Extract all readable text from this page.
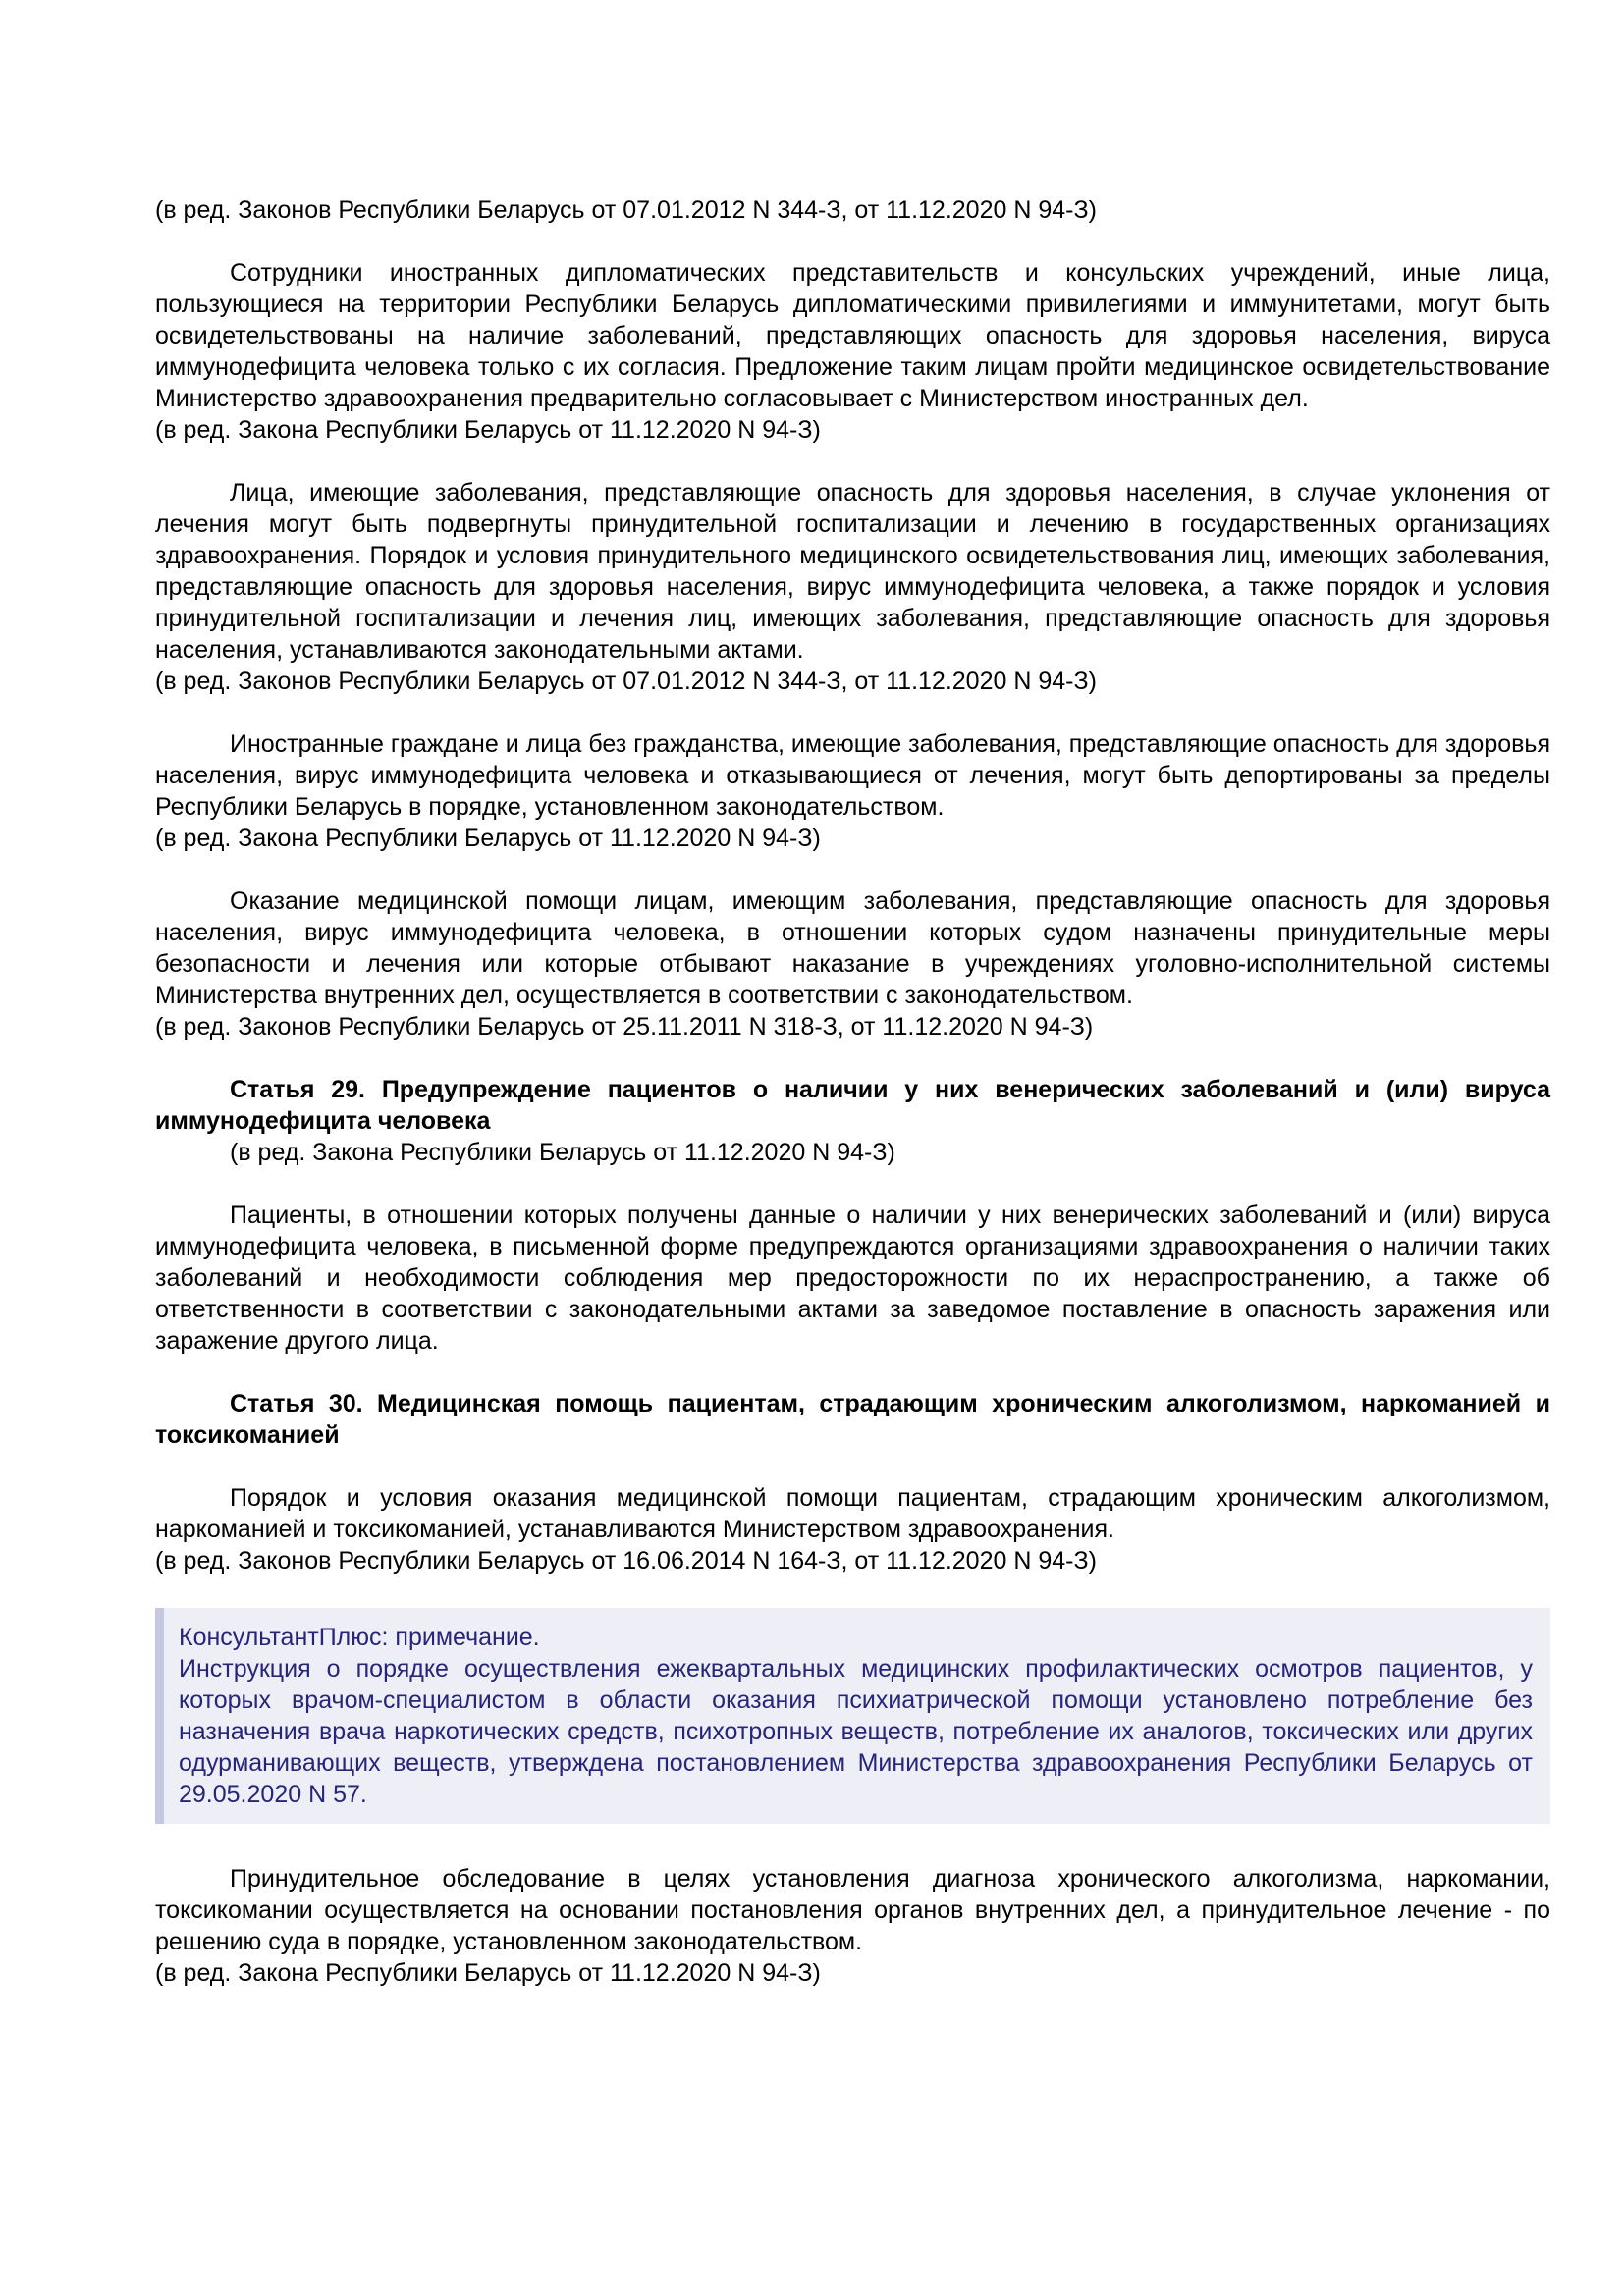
(в ред. Законов Республики Беларусь от 07.01.2012 N 344-З, от 11.12.2020 N 94-З)

Сотрудники иностранных дипломатических представительств и консульских учреждений, иные лица, пользующиеся на территории Республики Беларусь дипломатическими привилегиями и иммунитетами, могут быть освидетельствованы на наличие заболеваний, представляющих опасность для здоровья населения, вируса иммунодефицита человека только с их согласия. Предложение таким лицам пройти медицинское освидетельствование Министерство здравоохранения предварительно согласовывает с Министерством иностранных дел.

(в ред. Закона Республики Беларусь от 11.12.2020 N 94-З)

Лица, имеющие заболевания, представляющие опасность для здоровья населения, в случае уклонения от лечения могут быть подвергнуты принудительной госпитализации и лечению в государственных организациях здравоохранения. Порядок и условия принудительного медицинского освидетельствования лиц, имеющих заболевания, представляющие опасность для здоровья населения, вирус иммунодефицита человека, а также порядок и условия принудительной госпитализации и лечения лиц, имеющих заболевания, представляющие опасность для здоровья населения, устанавливаются законодательными актами.

(в ред. Законов Республики Беларусь от 07.01.2012 N 344-З, от 11.12.2020 N 94-З)

Иностранные граждане и лица без гражданства, имеющие заболевания, представляющие опасность для здоровья населения, вирус иммунодефицита человека и отказывающиеся от лечения, могут быть депортированы за пределы Республики Беларусь в порядке, установленном законодательством.

(в ред. Закона Республики Беларусь от 11.12.2020 N 94-З)

Оказание медицинской помощи лицам, имеющим заболевания, представляющие опасность для здоровья населения, вирус иммунодефицита человека, в отношении которых судом назначены принудительные меры безопасности и лечения или которые отбывают наказание в учреждениях уголовно-исполнительной системы Министерства внутренних дел, осуществляется в соответствии с законодательством.

(в ред. Законов Республики Беларусь от 25.11.2011 N 318-З, от 11.12.2020 N 94-З)

Статья 29. Предупреждение пациентов о наличии у них венерических заболеваний и (или) вируса иммунодефицита человека

(в ред. Закона Республики Беларусь от 11.12.2020 N 94-З)

Пациенты, в отношении которых получены данные о наличии у них венерических заболеваний и (или) вируса иммунодефицита человека, в письменной форме предупреждаются организациями здравоохранения о наличии таких заболеваний и необходимости соблюдения мер предосторожности по их нераспространению, а также об ответственности в соответствии с законодательными актами за заведомое поставление в опасность заражения или заражение другого лица.

Статья 30. Медицинская помощь пациентам, страдающим хроническим алкоголизмом, наркоманией и токсикоманией

Порядок и условия оказания медицинской помощи пациентам, страдающим хроническим алкоголизмом, наркоманией и токсикоманией, устанавливаются Министерством здравоохранения.

(в ред. Законов Республики Беларусь от 16.06.2014 N 164-З, от 11.12.2020 N 94-З)

КонсультантПлюс: примечание.

Инструкция о порядке осуществления ежеквартальных медицинских профилактических осмотров пациентов, у которых врачом-специалистом в области оказания психиатрической помощи установлено потребление без назначения врача наркотических средств, психотропных веществ, потребление их аналогов, токсических или других одурманивающих веществ, утверждена постановлением Министерства здравоохранения Республики Беларусь от 29.05.2020 N 57.

Принудительное обследование в целях установления диагноза хронического алкоголизма, наркомании, токсикомании осуществляется на основании постановления органов внутренних дел, а принудительное лечение - по решению суда в порядке, установленном законодательством.

(в ред. Закона Республики Беларусь от 11.12.2020 N 94-З)
